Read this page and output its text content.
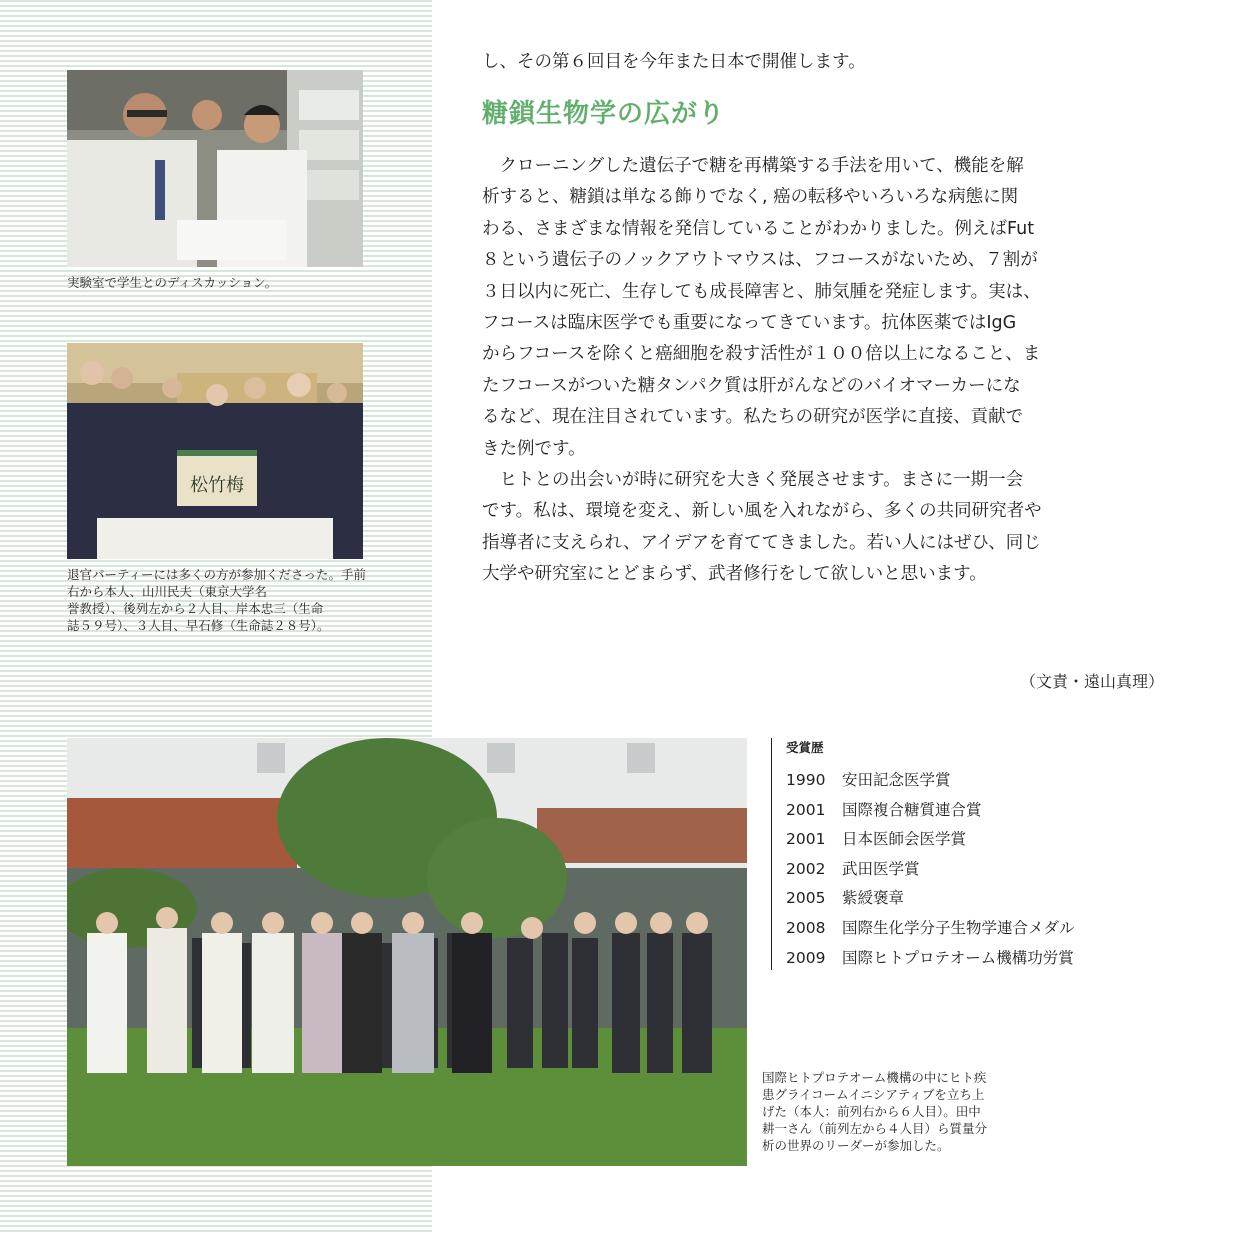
実験室で学生とのディスカッション。

松竹梅

退官パーティーには多くの方が参加くださった。手前右から本人、山川民夫（東京大学名
誉教授）、後列左から２人目、岸本忠三（生命
誌５９号）、３人目、早石修（生命誌２８号）。

国際ヒトプロテオーム機構の中にヒト疾
患グライコームイニシアティブを立ち上
げた（本人：前列右から６人目）。田中
耕一さん（前列左から４人目）ら質量分
析の世界のリーダーが参加した。

し、その第６回目を今年また日本で開催します。

糖鎖生物学の広がり

　クローニングした遺伝子で糖を再構築する手法を用いて、機能を解
析すると、糖鎖は単なる飾りでなく, 癌の転移やいろいろな病態に関
わる、さまざまな情報を発信していることがわかりました。例えばFut
８という遺伝子のノックアウトマウスは、フコースがないため、７割が
３日以内に死亡、生存しても成長障害と、肺気腫を発症します。実は、
フコースは臨床医学でも重要になってきています。抗体医薬ではIgG
からフコースを除くと癌細胞を殺す活性が１００倍以上になること、ま
たフコースがついた糖タンパク質は肝がんなどのバイオマーカーにな
るなど、現在注目されています。私たちの研究が医学に直接、貢献で
きた例です。

　ヒトとの出会いが時に研究を大きく発展させます。まさに一期一会
です。私は、環境を変え、新しい風を入れながら、多くの共同研究者や
指導者に支えられ、アイデアを育ててきました。若い人にはぜひ、同じ
大学や研究室にとどまらず、武者修行をして欲しいと思います。

（文責・遠山真理）

受賞歴

1990 安田記念医学賞
2001 国際複合糖質連合賞
2001 日本医師会医学賞
2002 武田医学賞
2005 紫綬褒章
2008 国際生化学分子生物学連合メダル
2009 国際ヒトプロテオーム機構功労賞
